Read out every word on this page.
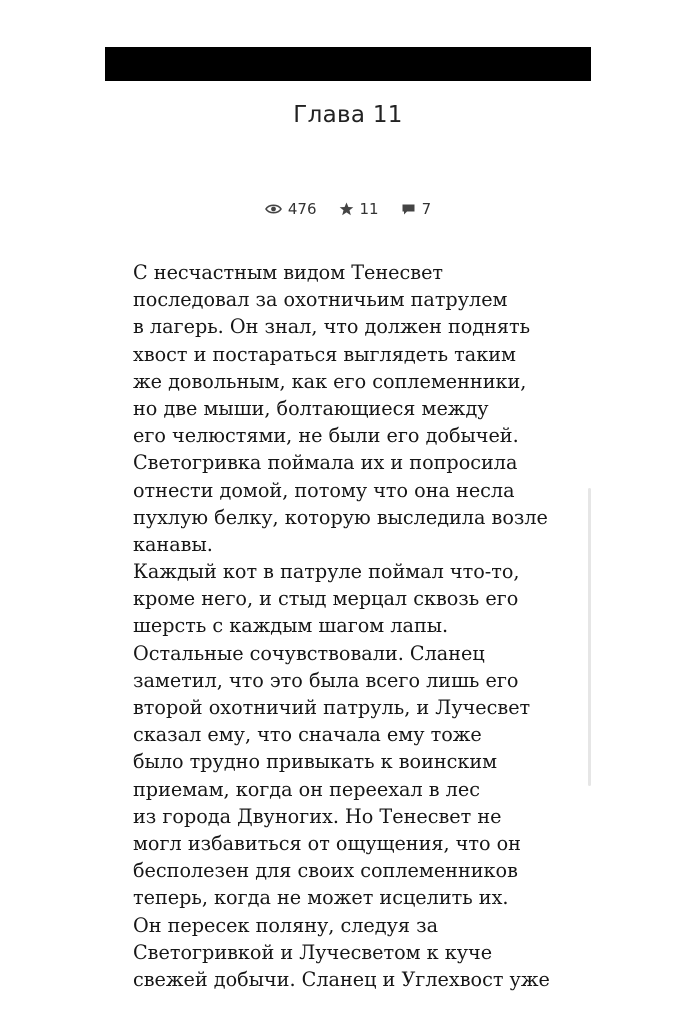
Глава 11
476	11	7
С несчастным видом Тенесвет
последовал за охотничьим патрулем
в лагерь. Он знал, что должен поднять
хвост и постараться выглядеть таким
же довольным, как его соплеменники,
но две мыши, болтающиеся между
его челюстями, не были его добычей.
Светогривка поймала их и попросила
отнести домой, потому что она несла
пухлую белку, которую выследила возле
канавы.
Каждый кот в патруле поймал что-то,
кроме него, и стыд мерцал сквозь его
шерсть с каждым шагом лапы.
Остальные сочувствовали. Сланец
заметил, что это была всего лишь его
второй охотничий патруль, и Лучесвет
сказал ему, что сначала ему тоже
было трудно привыкать к воинским
приемам, когда он переехал в лес
из города Двуногих. Но Тенесвет не
могл избавиться от ощущения, что он
бесполезен для своих соплеменников
теперь, когда не может исцелить их.
Он пересек поляну, следуя за
Светогривкой и Лучесветом к куче
свежей добычи. Сланец и Углехвост уже
